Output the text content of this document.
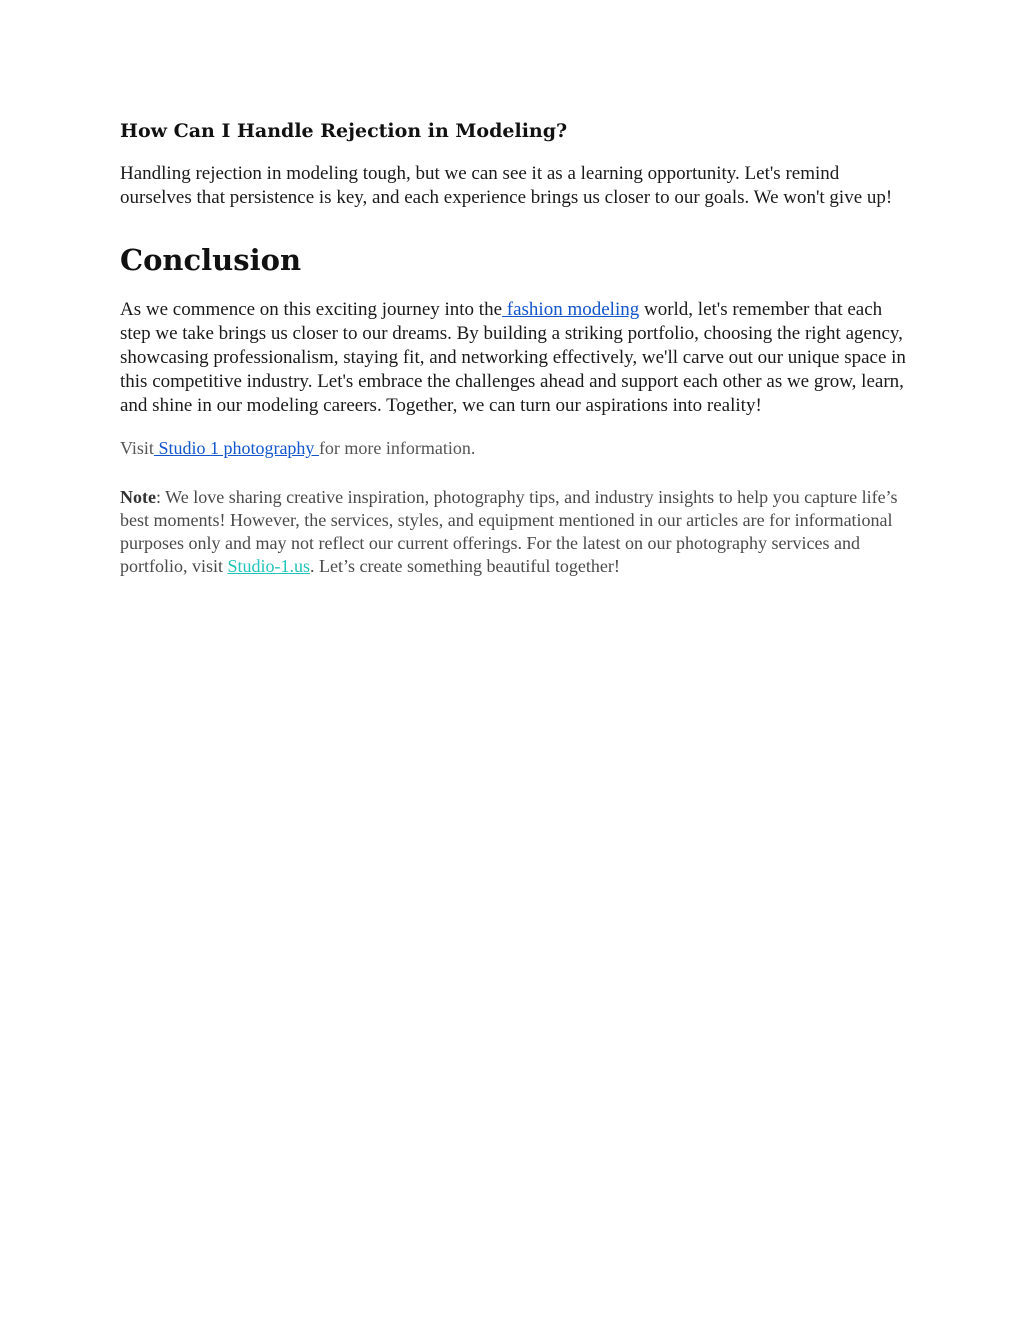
How Can I Handle Rejection in Modeling?

Handling rejection in modeling tough, but we can see it as a learning opportunity. Let's remind ourselves that persistence is key, and each experience brings us closer to our goals. We won't give up!

Conclusion

As we commence on this exciting journey into the fashion modeling world, let's remember that each step we take brings us closer to our dreams. By building a striking portfolio, choosing the right agency, showcasing professionalism, staying fit, and networking effectively, we'll carve out our unique space in this competitive industry. Let's embrace the challenges ahead and support each other as we grow, learn, and shine in our modeling careers. Together, we can turn our aspirations into reality!

Visit Studio 1 photography for more information.

Note: We love sharing creative inspiration, photography tips, and industry insights to help you capture life’s best moments! However, the services, styles, and equipment mentioned in our articles are for informational purposes only and may not reflect our current offerings. For the latest on our photography services and portfolio, visit Studio-1.us. Let’s create something beautiful together!
